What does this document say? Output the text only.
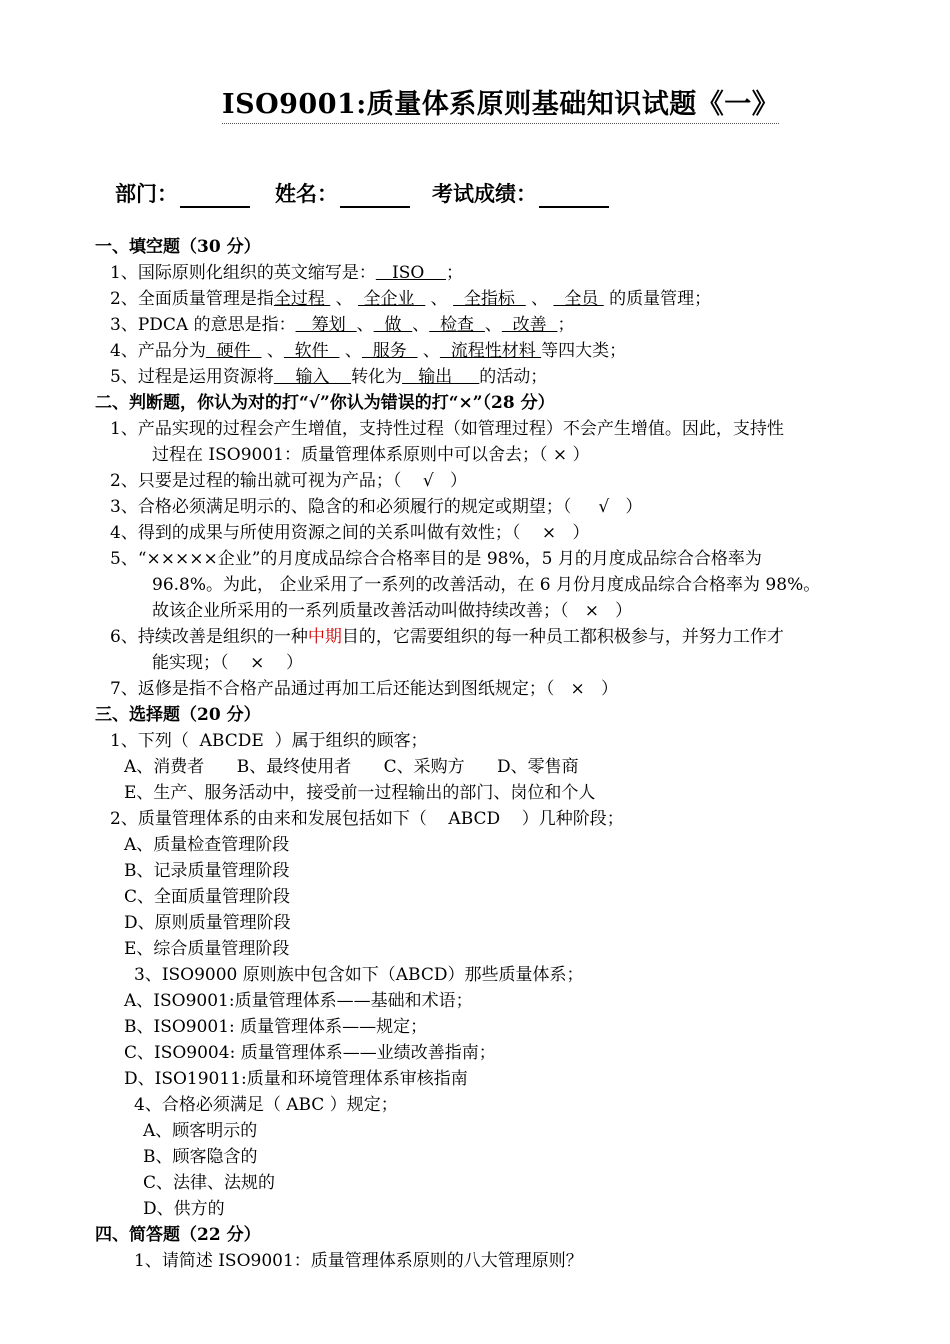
ISO9001:质量体系原则基础知识试题《一》
部门：	姓名：	考试成绩：
一、填空题（30 分）
1、国际原则化组织的英文缩写是：   ISO    ；
2、全面质量管理是指全过程  、  全企业   、   全指标   、   全员  的质量管理；
3、PDCA 的意思是指：   筹划  、  做  、  检查  、  改善  ；
4、产品分为  硬件   、  软件   、  服务   、  流程性材料 等四大类；
5、过程是运用资源将    输入    转化为   输出     的活动；
二、判断题，你认为对的打“√”你认为错误的打“×”（28 分）
1、产品实现的过程会产生增值，支持性过程（如管理过程）不会产生增值。因此，支持性
过程在 ISO9001：质量管理体系原则中可以舍去；（ × ）
2、只要是过程的输出就可视为产品；（    √   ）
3、合格必须满足明示的、隐含的和必须履行的规定或期望；（     √   ）
4、得到的成果与所使用资源之间的关系叫做有效性；（    ×   ）
5、“×××××企业”的月度成品综合合格率目的是 98%，5 月的月度成品综合合格率为
96.8%。为此， 企业采用了一系列的改善活动，在 6 月份月度成品综合合格率为 98%。
故该企业所采用的一系列质量改善活动叫做持续改善；（   ×   ）
6、持续改善是组织的一种中期目的，它需要组织的每一种员工都积极参与，并努力工作才
能实现；（    ×    ）
7、返修是指不合格产品通过再加工后还能达到图纸规定；（   ×   ）
三、选择题（20 分）
1、下列（  ABCDE  ）属于组织的顾客；
A、消费者      B、最终使用者      C、采购方      D、零售商
E、生产、服务活动中，接受前一过程输出的部门、岗位和个人
2、质量管理体系的由来和发展包括如下（    ABCD    ）几种阶段；
A、质量检查管理阶段
B、记录质量管理阶段
C、全面质量管理阶段
D、原则质量管理阶段
E、综合质量管理阶段
3、ISO9000 原则族中包含如下（ABCD）那些质量体系；
A、ISO9001:质量管理体系——基础和术语；
B、ISO9001: 质量管理体系——规定；
C、ISO9004: 质量管理体系——业绩改善指南；
D、ISO19011:质量和环境管理体系审核指南
4、合格必须满足（ ABC ）规定；
A、顾客明示的
B、顾客隐含的
C、法律、法规的
D、供方的
四、简答题（22 分）
1、请简述 ISO9001：质量管理体系原则的八大管理原则？
